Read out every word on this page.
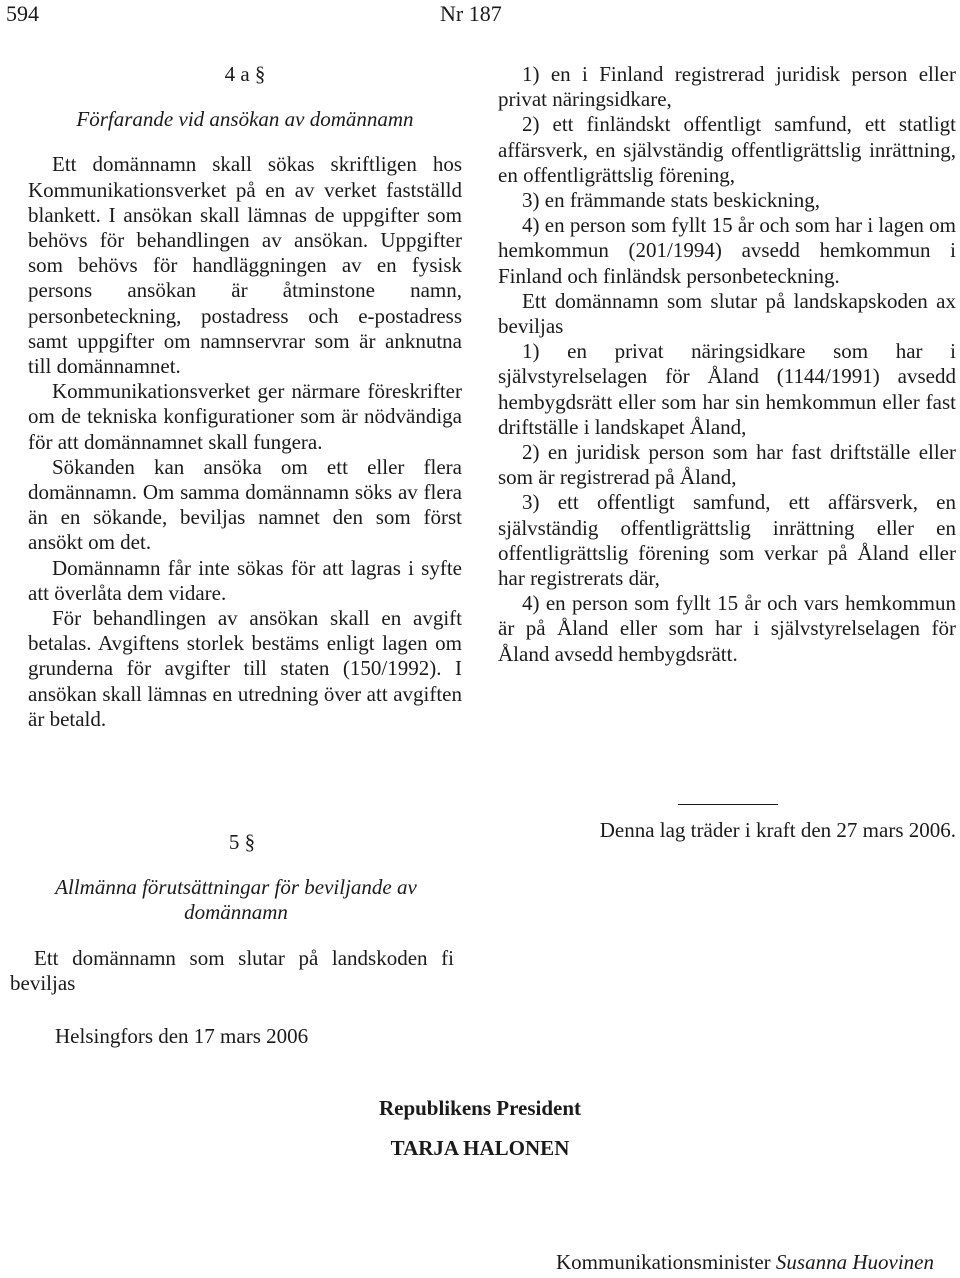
594	Nr 187

4 a §

Förfarande vid ansökan av domännamn

Ett domännamn skall sökas skriftligen hos Kommunikationsverket på en av verket fastställd blankett. I ansökan skall lämnas de uppgifter som behövs för behandlingen av ansökan. Uppgifter som behövs för handläggningen av en fysisk persons ansökan är åtminstone namn, personbeteckning, postadress och e-postadress samt uppgifter om namnservrar som är anknutna till domännamnet.

Kommunikationsverket ger närmare föreskrifter om de tekniska konfigurationer som är nödvändiga för att domännamnet skall fungera.

Sökanden kan ansöka om ett eller flera domännamn. Om samma domännamn söks av flera än en sökande, beviljas namnet den som först ansökt om det.

Domännamn får inte sökas för att lagras i syfte att överlåta dem vidare.

För behandlingen av ansökan skall en avgift betalas. Avgiftens storlek bestäms enligt lagen om grunderna för avgifter till staten (150/1992). I ansökan skall lämnas en utredning över att avgiften är betald.

5 §

Allmänna förutsättningar för beviljande av

domännamn

Ett domännamn som slutar på landskoden fi beviljas

1) en i Finland registrerad juridisk person eller privat näringsidkare,

2) ett finländskt offentligt samfund, ett statligt affärsverk, en självständig offentligrättslig inrättning, en offentligrättslig förening,

3) en främmande stats beskickning,

4) en person som fyllt 15 år och som har i lagen om hemkommun (201/1994) avsedd hemkommun i Finland och finländsk personbeteckning.

Ett domännamn som slutar på landskapskoden ax beviljas

1) en privat näringsidkare som har i självstyrelselagen för Åland (1144/1991) avsedd hembygdsrätt eller som har sin hemkommun eller fast driftställe i landskapet Åland,

2) en juridisk person som har fast driftställe eller som är registrerad på Åland,

3) ett offentligt samfund, ett affärsverk, en självständig offentligrättslig inrättning eller en offentligrättslig förening som verkar på Åland eller har registrerats där,

4) en person som fyllt 15 år och vars hemkommun är på Åland eller som har i självstyrelselagen för Åland avsedd hembygdsrätt.

Denna lag träder i kraft den 27 mars 2006.
Helsingfors den 17 mars 2006
Republikens President
TARJA HALONEN
Kommunikationsminister Susanna Huovinen
